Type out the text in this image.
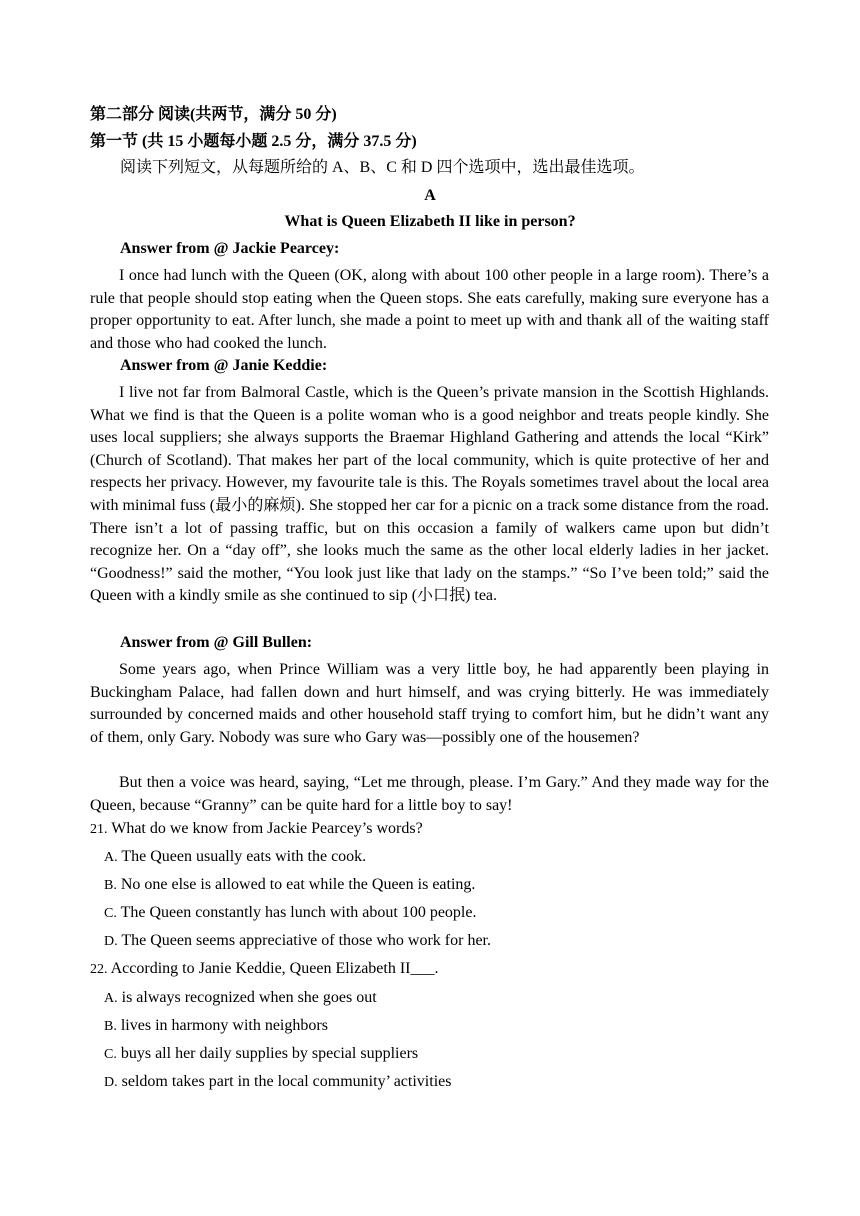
第二部分 阅读(共两节，满分 50 分)
第一节 (共 15 小题每小题 2.5 分，满分 37.5 分)
阅读下列短文，从每题所给的 A、B、C 和 D 四个选项中，选出最佳选项。
A
What is Queen Elizabeth II like in person?
Answer from @ Jackie Pearcey:
I once had lunch with the Queen (OK, along with about 100 other people in a large room). There’s a rule that people should stop eating when the Queen stops. She eats carefully, making sure everyone has a proper opportunity to eat. After lunch, she made a point to meet up with and thank all of the waiting staff and those who had cooked the lunch.
Answer from @ Janie Keddie:
I live not far from Balmoral Castle, which is the Queen’s private mansion in the Scottish Highlands. What we find is that the Queen is a polite woman who is a good neighbor and treats people kindly. She uses local suppliers; she always supports the Braemar Highland Gathering and attends the local “Kirk” (Church of Scotland). That makes her part of the local community, which is quite protective of her and respects her privacy. However, my favourite tale is this. The Royals sometimes travel about the local area with minimal fuss (最小的麻烦). She stopped her car for a picnic on a track some distance from the road. There isn’t a lot of passing traffic, but on this occasion a family of walkers came upon but didn’t recognize her. On a “day off”, she looks much the same as the other local elderly ladies in her jacket. “Goodness!” said the mother, “You look just like that lady on the stamps.” “So I’ve been told;” said the Queen with a kindly smile as she continued to sip (小口抿) tea.
Answer from @ Gill Bullen:
Some years ago, when Prince William was a very little boy, he had apparently been playing in Buckingham Palace, had fallen down and hurt himself, and was crying bitterly. He was immediately surrounded by concerned maids and other household staff trying to comfort him, but he didn’t want any of them, only Gary. Nobody was sure who Gary was—possibly one of the housemen?
But then a voice was heard, saying, “Let me through, please. I’m Gary.” And they made way for the Queen, because “Granny” can be quite hard for a little boy to say!
21. What do we know from Jackie Pearcey’s words?
A. The Queen usually eats with the cook.
B. No one else is allowed to eat while the Queen is eating.
C. The Queen constantly has lunch with about 100 people.
D. The Queen seems appreciative of those who work for her.
22. According to Janie Keddie, Queen Elizabeth II___.
A. is always recognized when she goes out
B. lives in harmony with neighbors
C. buys all her daily supplies by special suppliers
D. seldom takes part in the local community’ activities
